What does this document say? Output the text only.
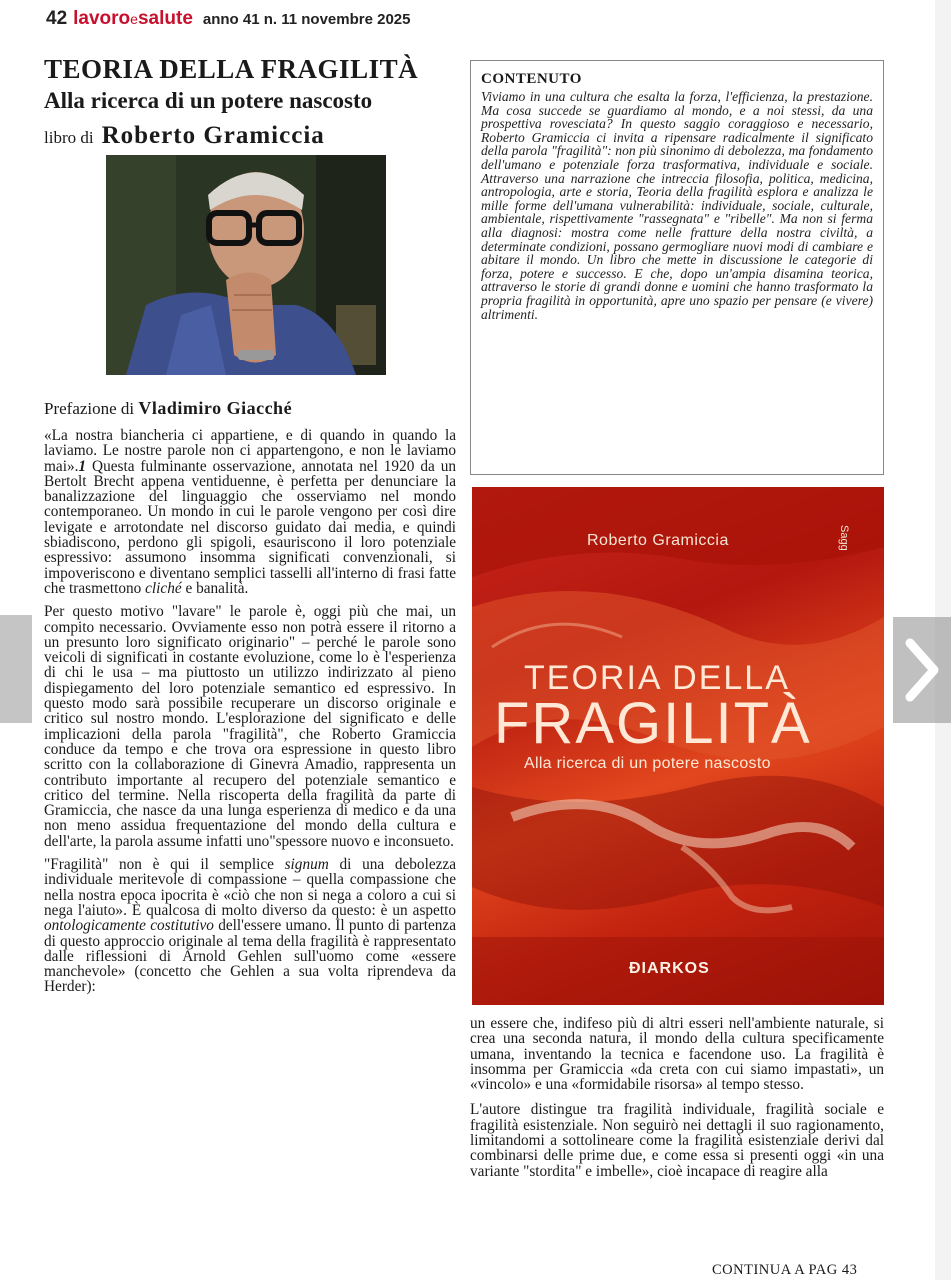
42 lavoroesalute anno 41 n. 11 novembre 2025
TEORIA DELLA FRAGILITÀ
Alla ricerca di un potere nascosto
libro di Roberto Gramiccia
Prefazione di Vladimiro Giacché

«La nostra biancheria ci appartiene, e di quando in quando la laviamo. Le nostre parole non ci appartengono, e non le laviamo mai».1 Questa fulminante osservazione, annotata nel 1920 da un Bertolt Brecht appena ventiduenne, è perfetta per denunciare la banalizzazione del linguaggio che osserviamo nel mondo contemporaneo. Un mondo in cui le parole vengono per così dire levigate e arrotondate nel discorso guidato dai media, e quindi sbiadiscono, perdono gli spigoli, esauriscono il loro potenziale espressivo: assumono insomma significati convenzionali, si impoveriscono e diventano semplici tasselli all'interno di frasi fatte che trasmettono cliché e banalità.

Per questo motivo "lavare" le parole è, oggi più che mai, un compito necessario. Ovviamente esso non potrà essere il ritorno a un presunto loro significato originario" – perché le parole sono veicoli di significati in costante evoluzione, come lo è l'esperienza di chi le usa – ma piuttosto un utilizzo indirizzato al pieno dispiegamento del loro potenziale semantico ed espressivo. In questo modo sarà possibile recuperare un discorso originale e critico sul nostro mondo. L'esplorazione del significato e delle implicazioni della parola "fragilità", che Roberto Gramiccia conduce da tempo e che trova ora espressione in questo libro scritto con la collaborazione di Ginevra Amadio, rappresenta un contributo importante al recupero del potenziale semantico e critico del termine. Nella riscoperta della fragilità da parte di Gramiccia, che nasce da una lunga esperienza di medico e da una non meno assidua frequentazione del mondo della cultura e dell'arte, la parola assume infatti uno"spessore nuovo e inconsueto.

"Fragilità" non è qui il semplice signum di una debolezza individuale meritevole di compassione – quella compassione che nella nostra epoca ipocrita è «ciò che non si nega a coloro a cui si nega l'aiuto». È qualcosa di molto diverso da questo: è un aspetto ontologicamente costitutivo dell'essere umano. Il punto di partenza di questo approccio originale al tema della fragilità è rappresentato dalle riflessioni di Arnold Gehlen sull'uomo come «essere manchevole» (concetto che Gehlen a sua volta riprendeva da Herder):

CONTENUTO
Viviamo in una cultura che esalta la forza, l'efficienza, la prestazione. Ma cosa succede se guardiamo al mondo, e a noi stessi, da una prospettiva rovesciata? In questo saggio coraggioso e necessario, Roberto Gramiccia ci invita a ripensare radicalmente il significato della parola "fragilità": non più sinonimo di debolezza, ma fondamento dell'umano e potenziale forza trasformativa, individuale e sociale. Attraverso una narrazione che intreccia filosofia, politica, medicina, antropologia, arte e storia, Teoria della fragilità esplora e analizza le mille forme dell'umana vulnerabilità: individuale, sociale, culturale, ambientale, rispettivamente "rassegnata" e "ribelle". Ma non si ferma alla diagnosi: mostra come nelle fratture della nostra civiltà, a determinate condizioni, possano germogliare nuovi modi di cambiare e abitare il mondo. Un libro che mette in discussione le categorie di forza, potere e successo. E che, dopo un'ampia disamina teorica, attraverso le storie di grandi donne e uomini che hanno trasformato la propria fragilità in opportunità, apre uno spazio per pensare (e vivere) altrimenti.
Sagg
Roberto Gramiccia
TEORIA DELLA
FRAGILITÀ
Alla ricerca di un potere nascosto
ÐIARKOS

un essere che, indifeso più di altri esseri nell'ambiente naturale, si crea una seconda natura, il mondo della cultura specificamente umana, inventando la tecnica e facendone uso. La fragilità è insomma per Gramiccia «da creta con cui siamo impastati», un «vincolo» e una «formidabile risorsa» al tempo stesso.

L'autore distingue tra fragilità individuale, fragilità sociale e fragilità esistenziale. Non seguirò nei dettagli il suo ragionamento, limitandomi a sottolineare come la fragilità esistenziale derivi dal combinarsi delle prime due, e come essa si presenti oggi «in una variante "stordita" e imbelle», cioè incapace di reagire alla

CONTINUA A PAG 43
